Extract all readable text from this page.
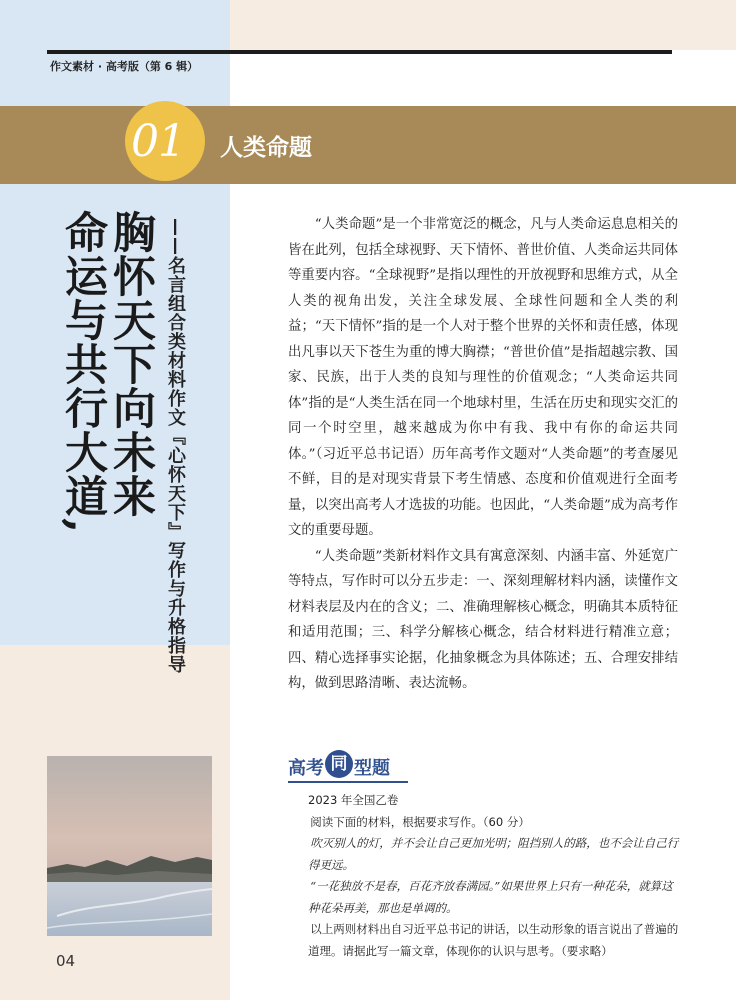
作文素材 · 高考版（第 6 辑）
01 人类命题
胸怀天下向未来
命运与共行大道,	——名言组合类材料作文『心怀天下』写作与升格指导	“人类命题”是一个非常宽泛的概念，凡与人类命运息息相关的皆在此列，包括全球视野、天下情怀、普世价值、人类命运共同体等重要内容。“全球视野”是指以理性的开放视野和思维方式，从全人类的视角出发，关注全球发展、全球性问题和全人类的利益；“天下情怀”指的是一个人对于整个世界的关怀和责任感，体现出凡事以天下苍生为重的博大胸襟；“普世价值”是指超越宗教、国家、民族，出于人类的良知与理性的价值观念；“人类命运共同体”指的是“人类生活在同一个地球村里，生活在历史和现实交汇的同一个时空里，越来越成为你中有我、我中有你的命运共同体。”（习近平总书记语）历年高考作文题对“人类命题”的考查屡见不鲜，目的是对现实背景下考生情感、态度和价值观进行全面考量，以突出高考人才选拔的功能。也因此，“人类命题”成为高考作文的重要母题。

“人类命题”类新材料作文具有寓意深刻、内涵丰富、外延宽广等特点，写作时可以分五步走：一、深刻理解材料内涵，读懂作文材料表层及内在的含义；二、准确理解核心概念，明确其本质特征和适用范围；三、科学分解核心概念，结合材料进行精准立意；四、精心选择事实论据，化抽象概念为具体陈述；五、合理安排结构，做到思路清晰、表达流畅。

高考 同 型题

2023 年全国乙卷

阅读下面的材料，根据要求写作。（60 分）

吹灭别人的灯，并不会让自己更加光明；阻挡别人的路，也不会让自己行得更远。

“一花独放不是春，百花齐放春满园。”如果世界上只有一种花朵，就算这种花朵再美，那也是单调的。

以上两则材料出自习近平总书记的讲话，以生动形象的语言说出了普遍的道理。请据此写一篇文章，体现你的认识与思考。（要求略）

04
